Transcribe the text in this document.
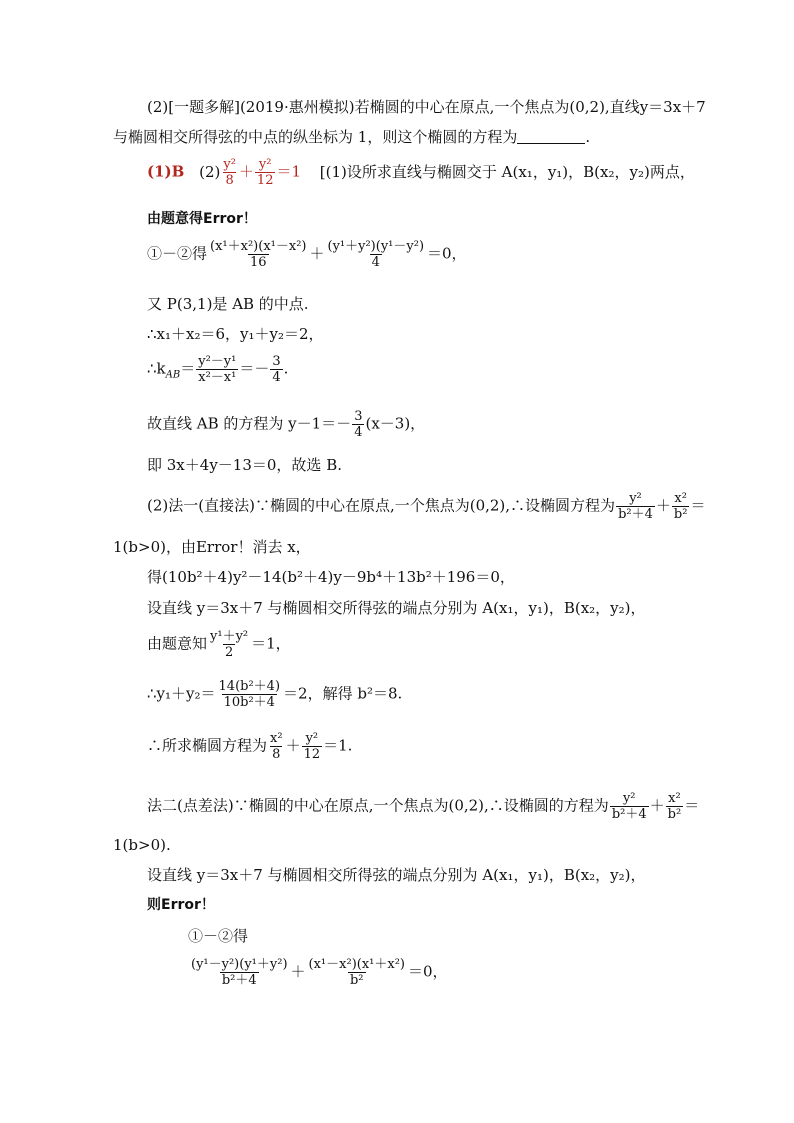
(2)[一题多解](2019·惠州模拟)若椭圆的中心在原点,一个焦点为(0,2),直线y＝3x＋7
与椭圆相交所得弦的中点的纵坐标为 1，则这个椭圆的方程为	.
(1)B $(2) \frac{\text{y²}}{8} + \frac{\text{y²}}{12} =1$ [(1)设所求直线与椭圆交于 A(x₁，y₁)，B(x₂，y₂)两点，
由题意得Error！
①－②得 $\frac{\text{(x¹＋x²)(x¹－x²)}}{16} + \frac{\text{(y¹＋y²)(y¹－y²)}}{4} =0$，
又 P(3,1)是 AB 的中点.
∴x₁＋x₂＝6，y₁＋y₂＝2，
$\therefore k_{AB}= \frac{\text{y²－y¹}}{\text{x²－x¹}} =- \frac{3}{4}$ .
故直线 AB 的方程为 $y-1=- \frac{3}{4} (x-3)$，
即 3x＋4y－13＝0，故选 B.
(2)法一(直接法)∵椭圆的中心在原点,一个焦点为(0,2),∴设椭圆方程为 $\frac{\text{y²}}{\text{b²＋4}} + \frac{\text{x²}}{\text{b²}}$ ＝
1(b>0)，由Error！消去 x，
得(10b²＋4)y²－14(b²＋4)y－9b⁴＋13b²＋196＝0，
设直线 y＝3x＋7 与椭圆相交所得弦的端点分别为 A(x₁，y₁)，B(x₂，y₂)，
由题意知 $\frac{\text{y¹＋y²}}{2} =1$，
∴y₁＋y₂＝ $\frac{\text{14(b²＋4)}}{\text{10b²＋4}} =2$，解得 b²＝8.
∴所求椭圆方程为 $\frac{\text{x²}}{8} + \frac{\text{y²}}{12} =1$.
法二(点差法)∵椭圆的中心在原点,一个焦点为(0,2),∴设椭圆的方程为 $\frac{\text{y²}}{\text{b²＋4}} + \frac{\text{x²}}{\text{b²}}$ ＝
1(b>0).
设直线 y＝3x＋7 与椭圆相交所得弦的端点分别为 A(x₁，y₁)，B(x₂，y₂)，
则Error！
①－②得
$\frac{\text{(y¹－y²)(y¹＋y²)}}{\text{b²＋4}} + \frac{\text{(x¹－x²)(x¹＋x²)}}{\text{b²}} =0$，
